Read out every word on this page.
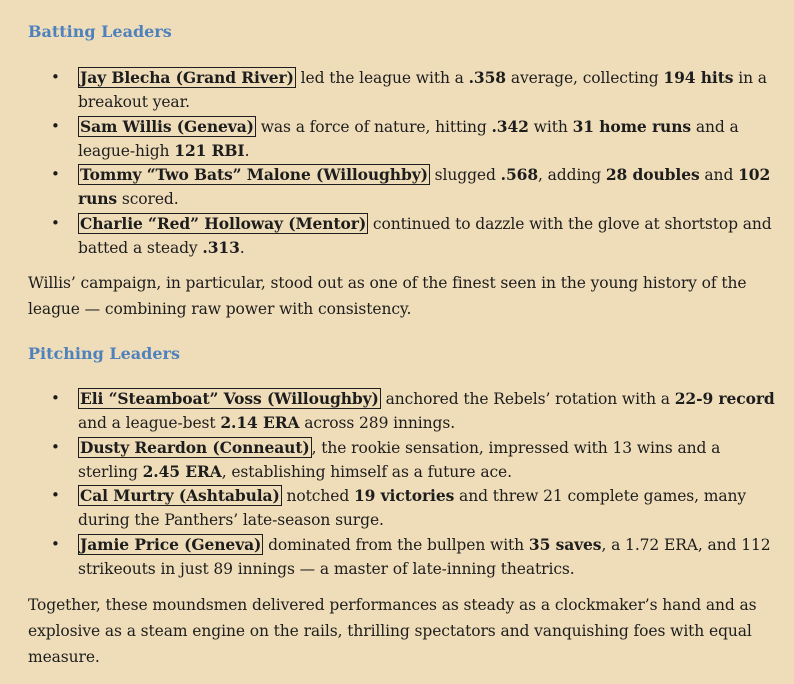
Batting Leaders
• Jay Blecha (Grand River) led the league with a .358 average, collecting 194 hits in a breakout year.
• Sam Willis (Geneva) was a force of nature, hitting .342 with 31 home runs and a league-high 121 RBI.
• Tommy “Two Bats” Malone (Willoughby) slugged .568, adding 28 doubles and 102 runs scored.
• Charlie “Red” Holloway (Mentor) continued to dazzle with the glove at shortstop and batted a steady .313.

Willis’ campaign, in particular, stood out as one of the finest seen in the young history of the league — combining raw power with consistency.

Pitching Leaders
• Eli “Steamboat” Voss (Willoughby) anchored the Rebels’ rotation with a 22-9 record and a league-best 2.14 ERA across 289 innings.
• Dusty Reardon (Conneaut) , the rookie sensation, impressed with 13 wins and a sterling 2.45 ERA, establishing himself as a future ace.
• Cal Murtry (Ashtabula) notched 19 victories and threw 21 complete games, many during the Panthers’ late-season surge.
• Jamie Price (Geneva) dominated from the bullpen with 35 saves, a 1.72 ERA, and 112 strikeouts in just 89 innings — a master of late-inning theatrics.

Together, these moundsmen delivered performances as steady as a clockmaker’s hand and as explosive as a steam engine on the rails, thrilling spectators and vanquishing foes with equal measure.
